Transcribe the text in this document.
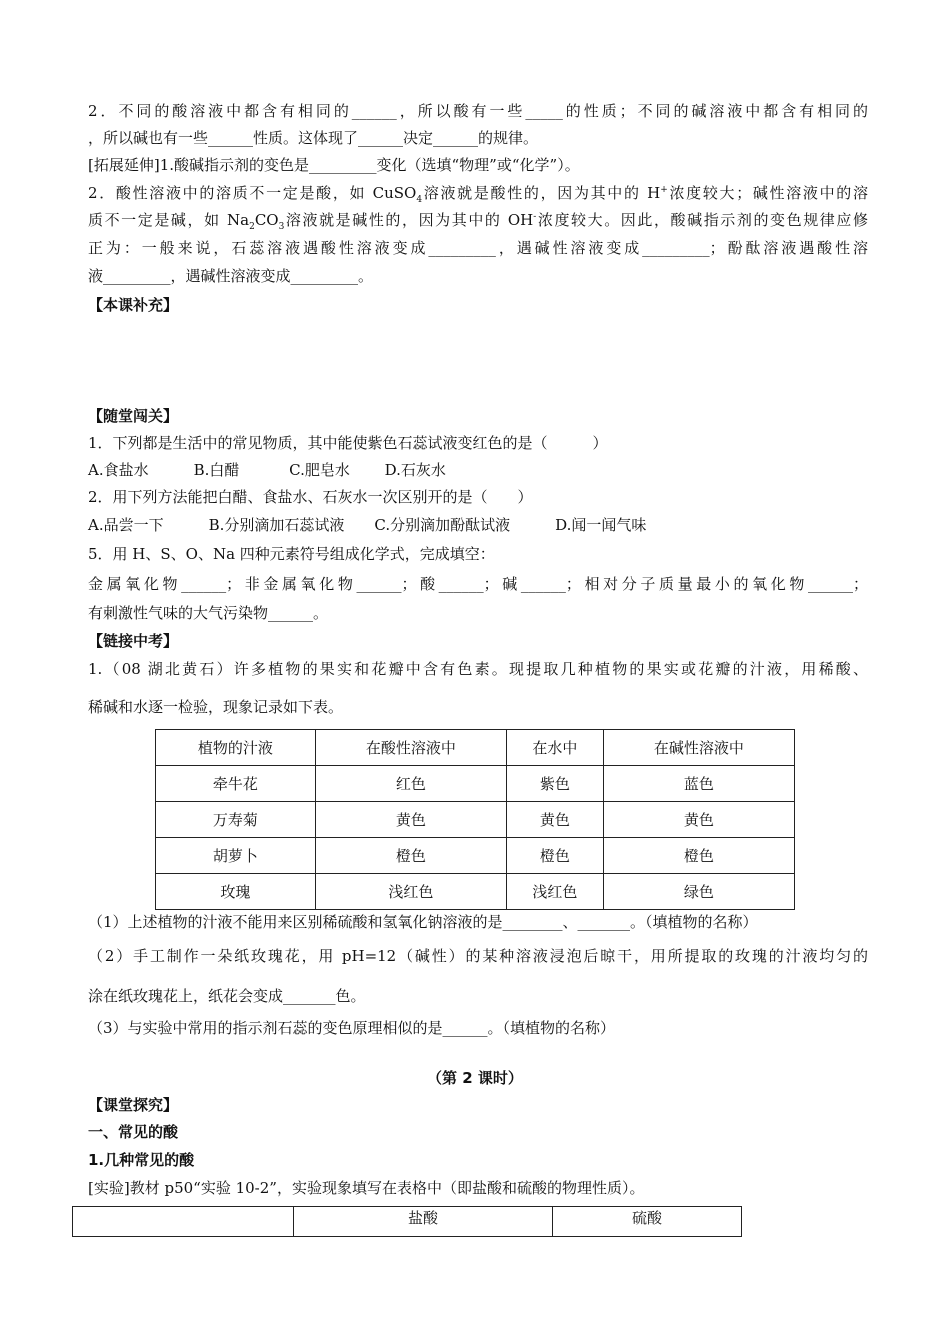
2．不同的酸溶液中都含有相同的______，所以酸有一些_____的性质；不同的碱溶液中都含有相同的
，所以碱也有一些______性质。这体现了______决定______的规律。
[拓展延伸]1.酸碱指示剂的变色是_________变化（选填“物理”或“化学”）。
2．酸性溶液中的溶质不一定是酸，如 CuSO$_4$溶液就是酸性的，因为其中的 H+浓度较大；碱性溶液中的溶
质不一定是碱，如 $Na_2CO_3$溶液就是碱性的，因为其中的 OH-浓度较大。因此，酸碱指示剂的变色规律应修
正为：一般来说，石蕊溶液遇酸性溶液变成_________，遇碱性溶液变成_________；酚酞溶液遇酸性溶
液_________，遇碱性溶液变成_________。
【本课补充】
【随堂闯关】
1．下列都是生活中的常见物质，其中能使紫色石蕊试液变红色的是（　　　）
A.食盐水　　　B.白醋　　　 C.肥皂水　　 D.石灰水
2．用下列方法能把白醋、食盐水、石灰水一次区别开的是（　　）
A.品尝一下　　　B.分别滴加石蕊试液　　C.分别滴加酚酞试液　　　D.闻一闻气味
5．用 H、S、O、Na 四种元素符号组成化学式，完成填空：
金属氧化物______；非金属氧化物______；酸______；碱______；相对分子质量最小的氧化物______；
有刺激性气味的大气污染物______。
【链接中考】
1.（08 湖北黄石）许多植物的果实和花瓣中含有色素。现提取几种植物的果实或花瓣的汁液，用稀酸、
稀碱和水逐一检验，现象记录如下表。
植物的汁液	在酸性溶液中	在水中	在碱性溶液中
牵牛花	红色	紫色	蓝色
万寿菊	黄色	黄色	黄色
胡萝卜	橙色	橙色	橙色
玫瑰	浅红色	浅红色	绿色
（1）上述植物的汁液不能用来区别稀硫酸和氢氧化钠溶液的是________、_______。（填植物的名称）
（2）手工制作一朵纸玫瑰花，用 pH=12（碱性）的某种溶液浸泡后晾干，用所提取的玫瑰的汁液均匀的
涂在纸玫瑰花上，纸花会变成_______色。
（3）与实验中常用的指示剂石蕊的变色原理相似的是______。（填植物的名称）
（第 2 课时）
【课堂探究】
一、常见的酸
1.几种常见的酸
[实验]教材 p50“实验 10-2”，实验现象填写在表格中（即盐酸和硫酸的物理性质）。
	盐酸	硫酸
